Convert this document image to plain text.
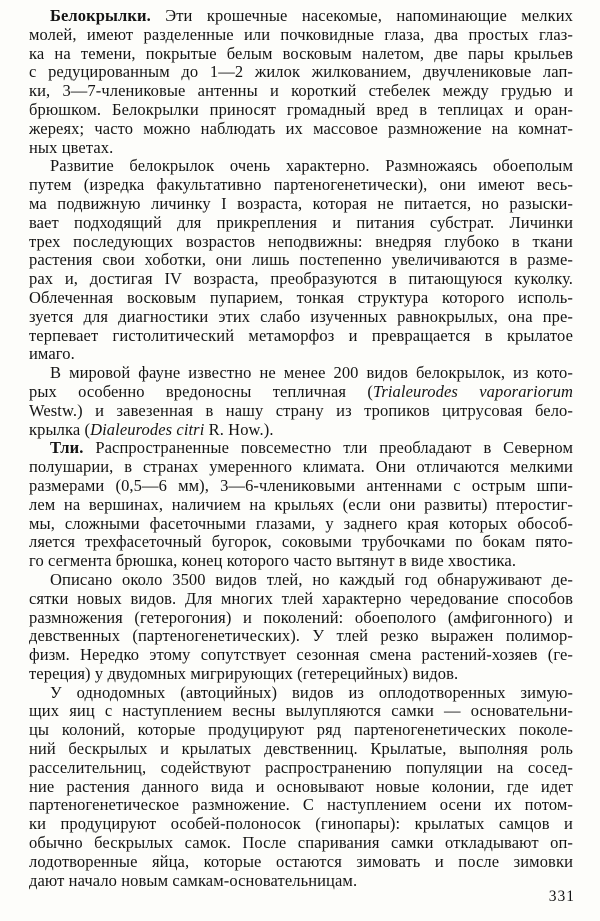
Белокрылки. Эти крошечные насекомые, напоминающие мелких
молей, имеют разделенные или почковидные глаза, два простых глаз-
ка на темени, покрытые белым восковым налетом, две пары крыльев
с редуцированным до 1—2 жилок жилкованием, двучлениковые лап-
ки, 3—7-члениковые антенны и короткий стебелек между грудью и
брюшком. Белокрылки приносят громадный вред в теплицах и оран-
жереях; часто можно наблюдать их массовое размножение на комнат-
ных цветах.
Развитие белокрылок очень характерно. Размножаясь обоеполым
путем (изредка факультативно партеногенетически), они имеют весь-
ма подвижную личинку I возраста, которая не питается, но разыски-
вает подходящий для прикрепления и питания субстрат. Личинки
трех последующих возрастов неподвижны: внедряя глубоко в ткани
растения свои хоботки, они лишь постепенно увеличиваются в разме-
рах и, достигая IV возраста, преобразуются в питающуюся куколку.
Облеченная восковым пупарием, тонкая структура которого исполь-
зуется для диагностики этих слабо изученных равнокрылых, она пре-
терпевает гистолитический метаморфоз и превращается в крылатое
имаго.
В мировой фауне известно не менее 200 видов белокрылок, из кото-
рых особенно вредоносны тепличная (Trialeurodes vaporariorum
Westw.) и завезенная в нашу страну из тропиков цитрусовая бело-
крылка (Dialeurodes citri R. How.).
Тли. Распространенные повсеместно тли преобладают в Северном
полушарии, в странах умеренного климата. Они отличаются мелкими
размерами (0,5—6 мм), 3—6-члениковыми антеннами с острым шпи-
лем на вершинах, наличием на крыльях (если они развиты) птеростиг-
мы, сложными фасеточными глазами, у заднего края которых обособ-
ляется трехфасеточный бугорок, соковыми трубочками по бокам пято-
го сегмента брюшка, конец которого часто вытянут в виде хвостика.
Описано около 3500 видов тлей, но каждый год обнаруживают де-
сятки новых видов. Для многих тлей характерно чередование способов
размножения (гетерогония) и поколений: обоеполого (амфигонного) и
девственных (партеногенетических). У тлей резко выражен полимор-
физм. Нередко этому сопутствует сезонная смена растений-хозяев (ге-
тереция) у двудомных мигрирующих (гетерецийных) видов.
У однодомных (автоцийных) видов из оплодотворенных зимую-
щих яиц с наступлением весны вылупляются самки — основательни-
цы колоний, которые продуцируют ряд партеногенетических поколе-
ний бескрылых и крылатых девственниц. Крылатые, выполняя роль
расселительниц, содействуют распространению популяции на сосед-
ние растения данного вида и основывают новые колонии, где идет
партеногенетическое размножение. С наступлением осени их потом-
ки продуцируют особей-полоносок (гинопары): крылатых самцов и
обычно бескрылых самок. После спаривания самки откладывают оп-
лодотворенные яйца, которые остаются зимовать и после зимовки
дают начало новым самкам-основательницам.
331
